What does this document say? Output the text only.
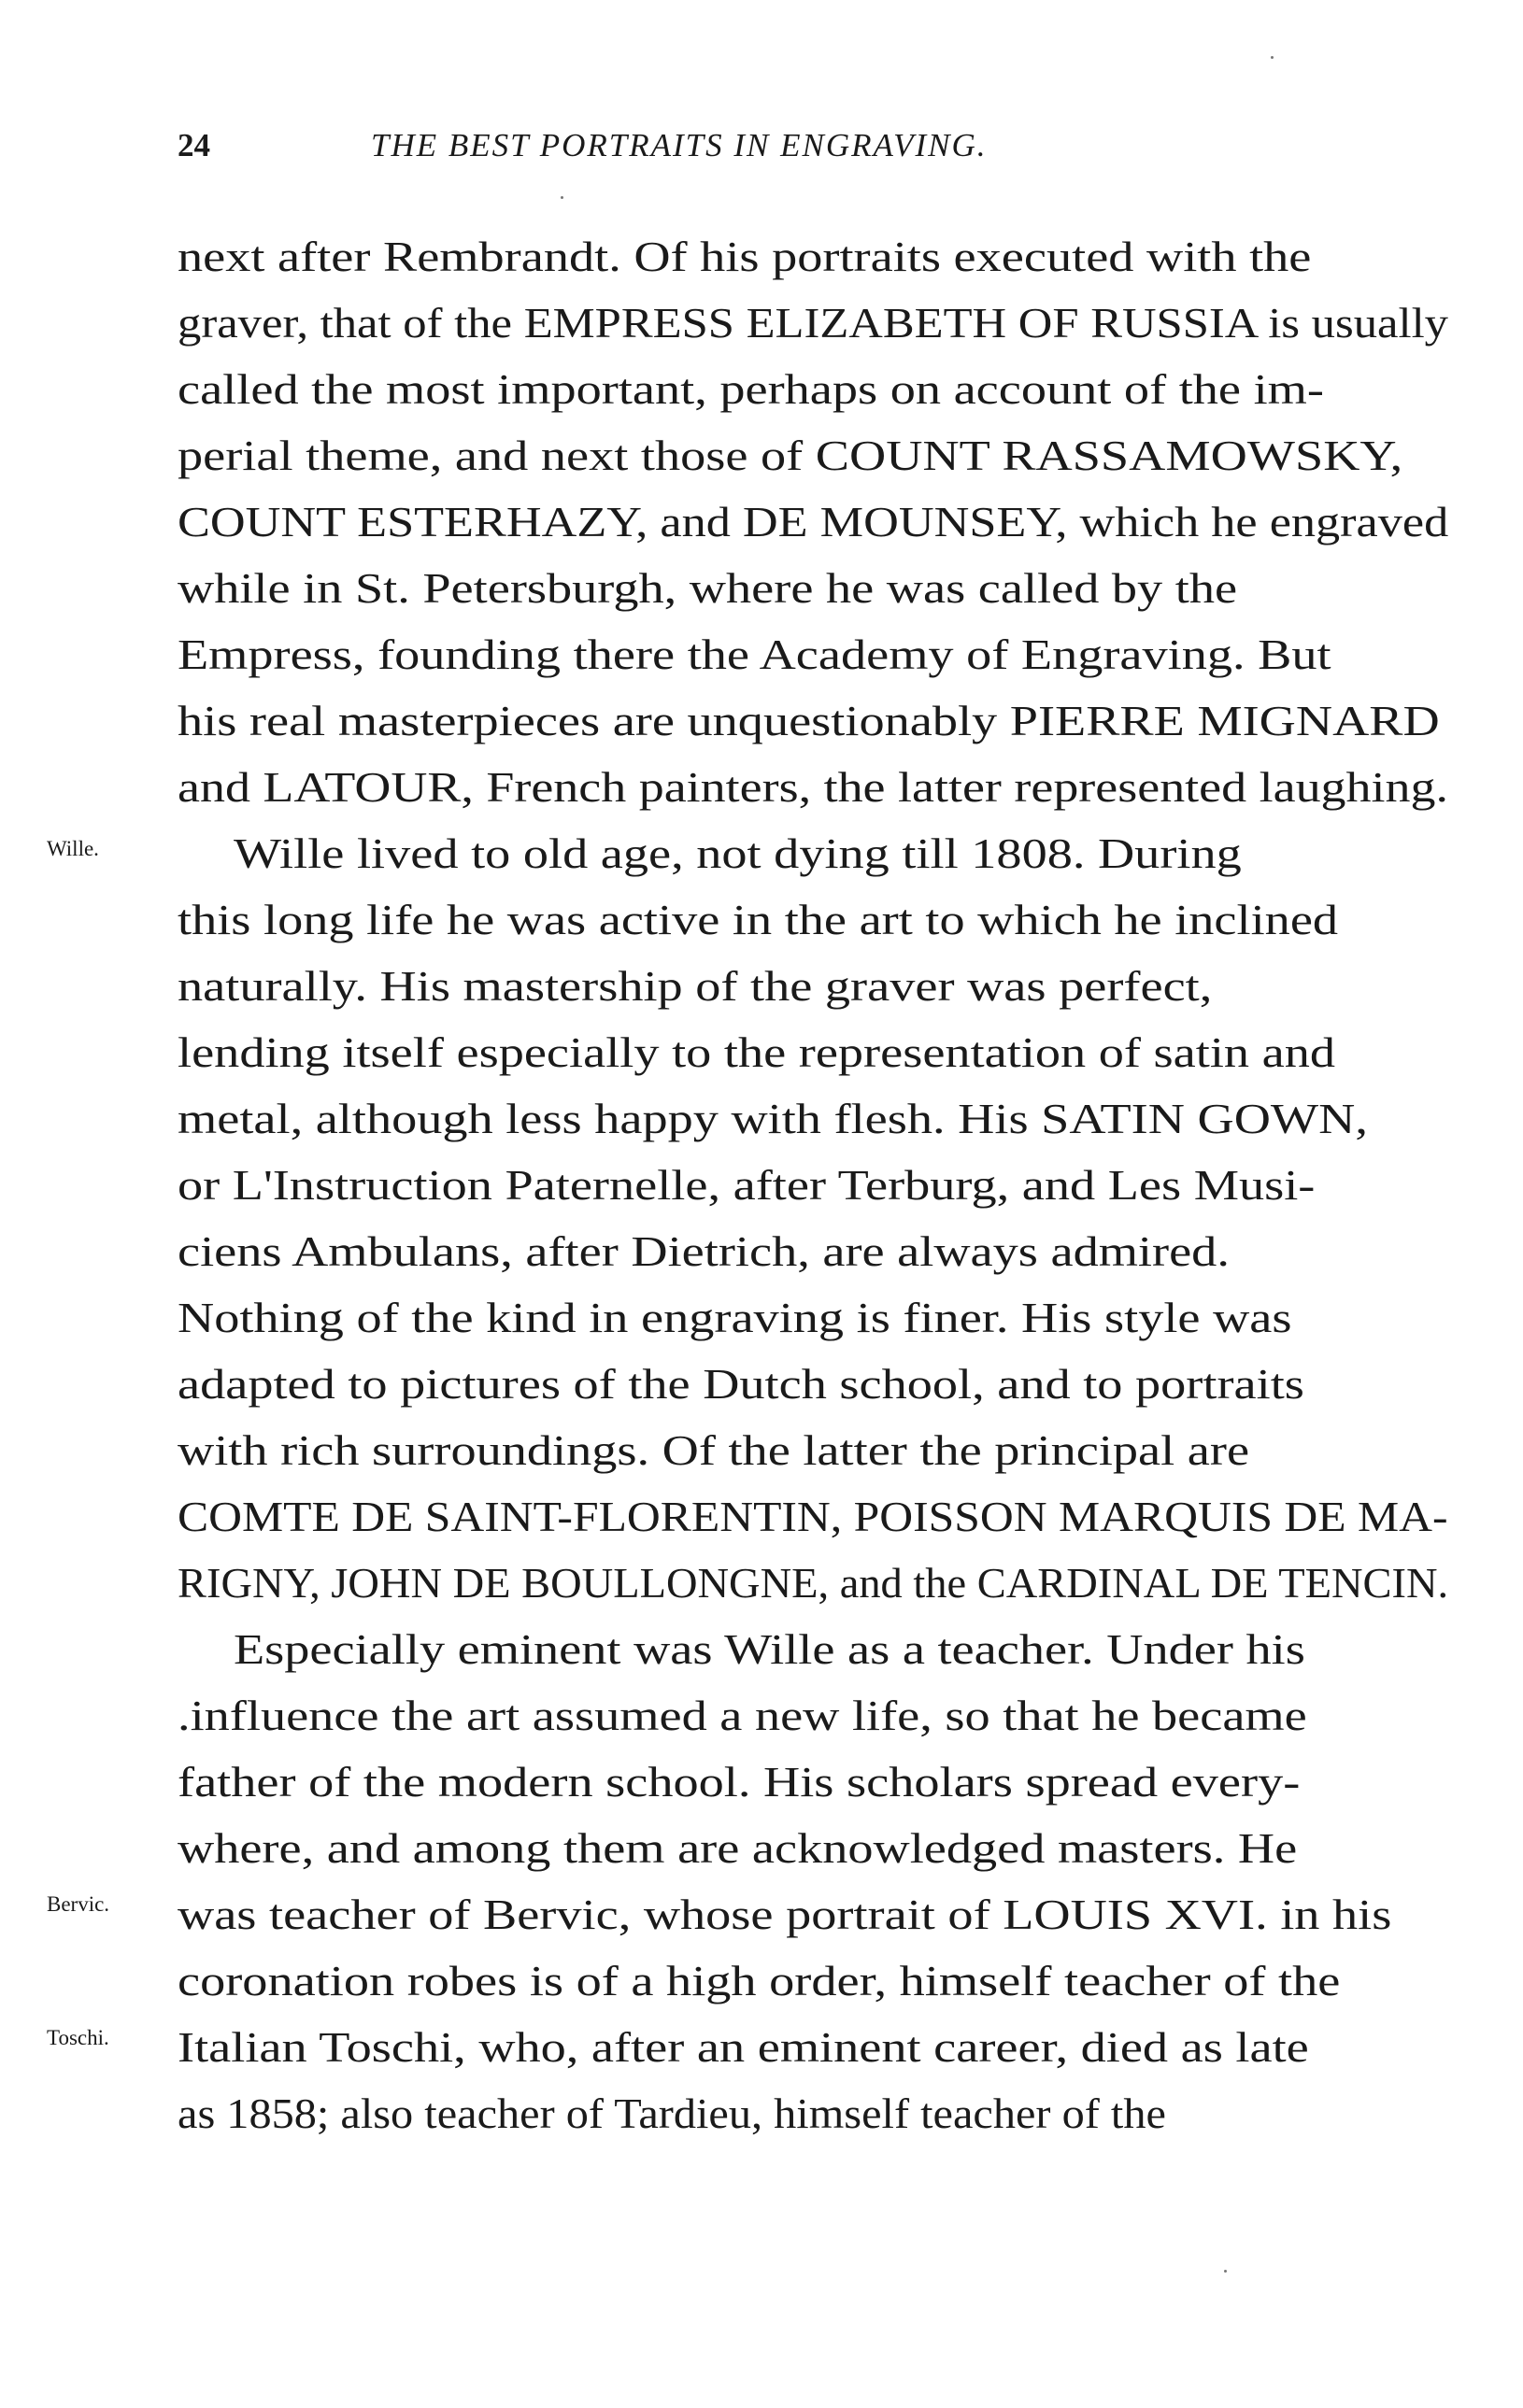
24	THE BEST PORTRAITS IN ENGRAVING.
Wille.
Bervic.
Toschi.
next after Rembrandt. Of his portraits executed with the
graver, that of the EMPRESS ELIZABETH OF RUSSIA is usually
called the most important, perhaps on account of the im-
perial theme, and next those of COUNT RASSAMOWSKY,
COUNT ESTERHAZY, and DE MOUNSEY, which he engraved
while in St. Petersburgh, where he was called by the
Empress, founding there the Academy of Engraving. But
his real masterpieces are unquestionably PIERRE MIGNARD
and LATOUR, French painters, the latter represented laughing.
Wille lived to old age, not dying till 1808. During
this long life he was active in the art to which he inclined
naturally. His mastership of the graver was perfect,
lending itself especially to the representation of satin and
metal, although less happy with flesh. His SATIN GOWN,
or L'Instruction Paternelle, after Terburg, and Les Musi-
ciens Ambulans, after Dietrich, are always admired.
Nothing of the kind in engraving is finer. His style was
adapted to pictures of the Dutch school, and to portraits
with rich surroundings. Of the latter the principal are
COMTE DE SAINT-FLORENTIN, POISSON MARQUIS DE MA-
RIGNY, JOHN DE BOULLONGNE, and the CARDINAL DE TENCIN.
Especially eminent was Wille as a teacher. Under his
.influence the art assumed a new life, so that he became
father of the modern school. His scholars spread every-
where, and among them are acknowledged masters. He
was teacher of Bervic, whose portrait of LOUIS XVI. in his
coronation robes is of a high order, himself teacher of the
Italian Toschi, who, after an eminent career, died as late
as 1858; also teacher of Tardieu, himself teacher of the
